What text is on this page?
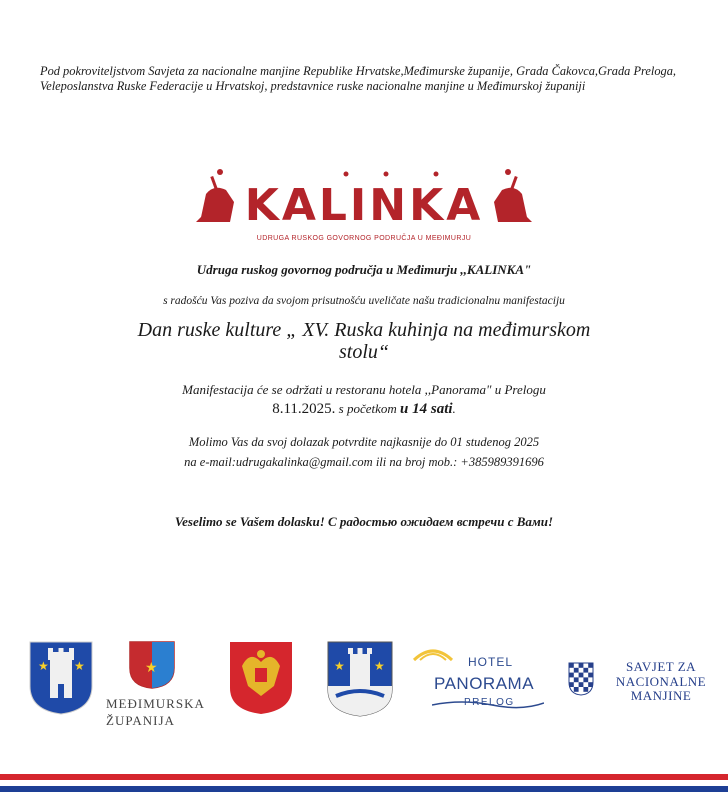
Pod pokroviteljstvom Savjeta za nacionalne manjine Republike Hrvatske,Međimurske županije, Grada Čakovca,Grada Preloga, Veleposlanstva Ruske Federacije u Hrvatskoj, predstavnice ruske nacionalne manjine u Međimurskoj županiji
KALINKA
UDRUGA RUSKOG GOVORNOG PODRUČJA U MEĐIMURJU
Udruga ruskog govornog područja u Međimurju ,,KALINKA"
s radošću Vas poziva da svojom prisutnošću uveličate našu tradicionalnu manifestaciju
Dan ruske kulture „ XV. Ruska kuhinja na međimurskom
stolu“
Manifestacija će se održati u restoranu hotela ,,Panorama" u Prelogu
8.11.2025. s početkom u 14 sati.
Molimo Vas da svoj dolazak potvrdite najkasnije do 01 studenog 2025
na e-mail:udrugakalinka@gmail.com ili na broj mob.: +385989391696
Veselimo se Vašem dolasku! С радостью ожидаем встречи с Вами!
★ ★	★
MEĐIMURSKA
ŽUPANIJA
★ ★	HOTEL
PANORAMA
PRELOG
SAVJET ZA
NACIONALNE
MANJINE
